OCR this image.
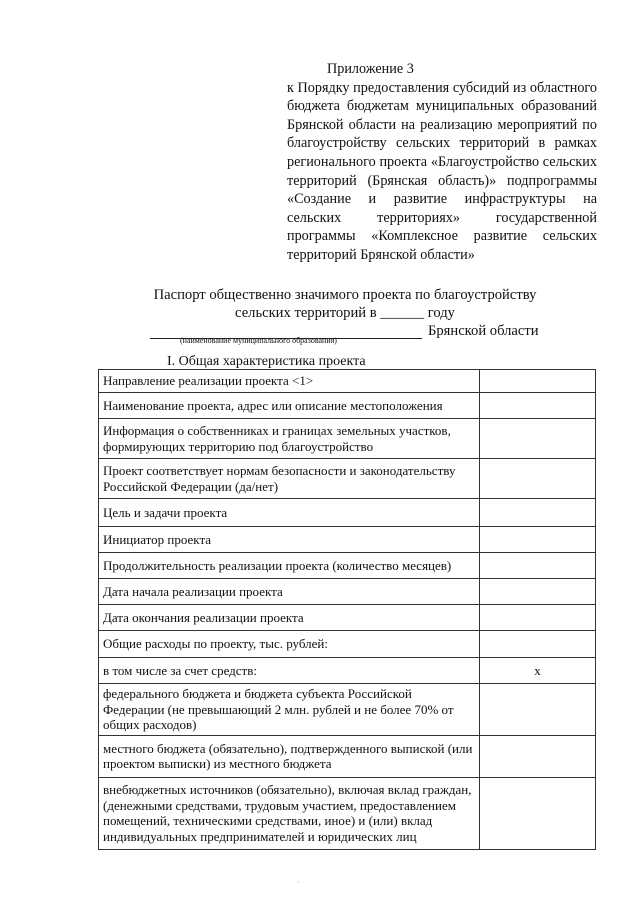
Приложение 3
к Порядку предоставления субсидий из областного бюджета бюджетам муниципальных образований Брянской области на реализацию мероприятий по благоустройству сельских территорий в рамках регионального проекта «Благоустройство сельских территорий (Брянская область)» подпрограммы «Создание и развитие инфраструктуры на сельских территориях» государственной программы «Комплексное развитие сельских территорий Брянской области»
Паспорт общественно значимого проекта по благоустройству
сельских территорий в ______ году
Брянской области
(наименование муниципального образования)
I. Общая характеристика проекта
Направление реализации проекта <1>	
Наименование проекта, адрес или описание местоположения	
Информация о собственниках и границах земельных участков, формирующих территорию под благоустройство	
Проект соответствует нормам безопасности и законодательству Российской Федерации (да/нет)	
Цель и задачи проекта	
Инициатор проекта	
Продолжительность реализации проекта (количество месяцев)	
Дата начала реализации проекта	
Дата окончания реализации проекта	
Общие расходы по проекту, тыс. рублей:	
в том числе за счет средств:	x
федерального бюджета и бюджета субъекта Российской Федерации (не превышающий 2 млн. рублей и не более 70% от общих расходов)	
местного бюджета (обязательно), подтвержденного выпиской (или проектом выписки) из местного бюджета	
внебюджетных источников (обязательно), включая вклад граждан, (денежными средствами, трудовым участием, предоставлением помещений, техническими средствами, иное) и (или) вклад индивидуальных предпринимателей и юридических лиц	
·
